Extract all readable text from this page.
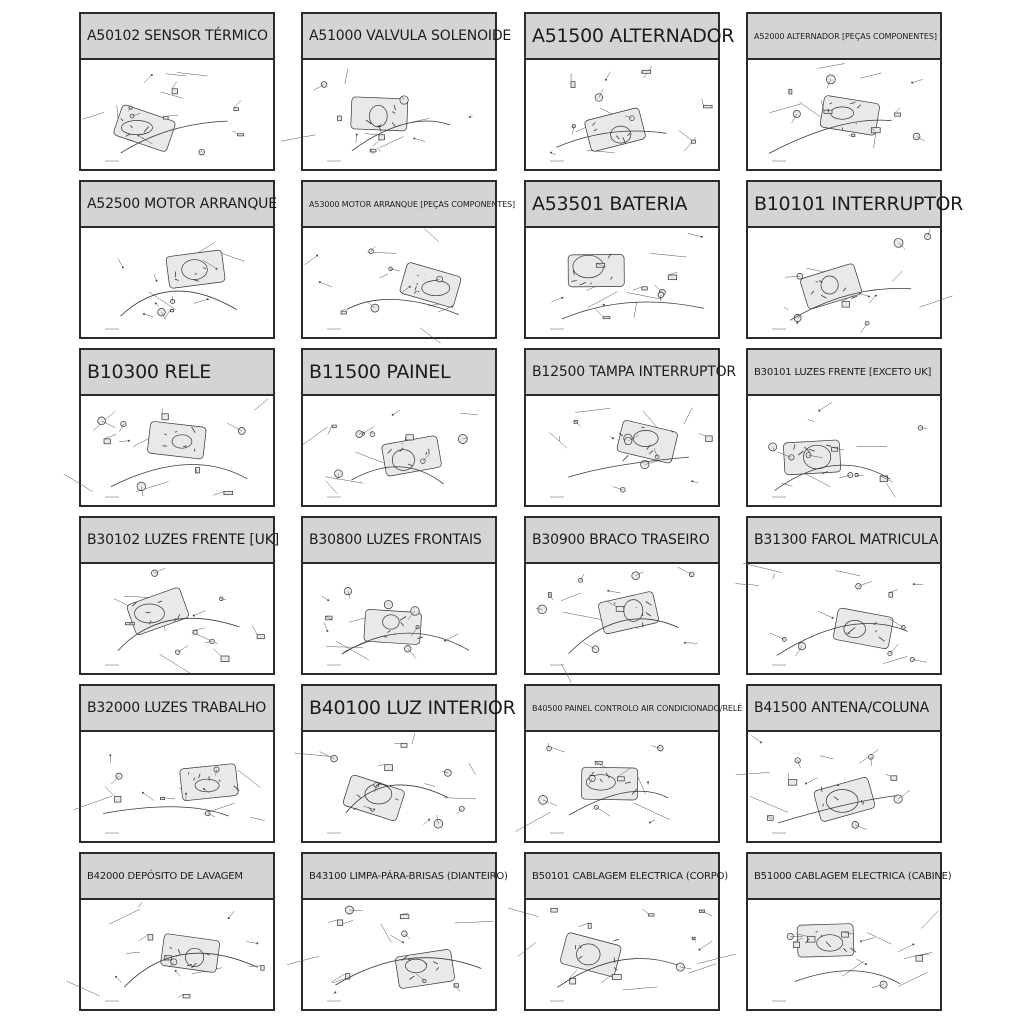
A50102 SENSOR TÉRMICO	A51000 VALVULA SOLENOIDE	A51500 ALTERNADOR	A52000 ALTERNADOR [PEÇAS COMPONENTES]
A52500 MOTOR ARRANQUE	A53000 MOTOR ARRANQUE [PEÇAS COMPONENTES] A53501 BATERIA	B10101 INTERRUPTOR
B10300 RELE	B11500 PAINEL	B12500 TAMPA INTERRUPTOR	B30101 LUZES FRENTE [EXCETO UK]
B30102 LUZES FRENTE [UK]	B30800 LUZES FRONTAIS	B30900 BRACO TRASEIRO	B31300 FAROL MATRICULA
B32000 LUZES TRABALHO	B40100 LUZ INTERIOR	B40500 PAINEL CONTROLO AIR CONDICIONADO/RELÉ B41500 ANTENA/COLUNA
B42000 DEPÓSITO DE LAVAGEM	B43100 LIMPA-PÁRA-BRISAS (DIANTEIRO)	B50101 CABLAGEM ELECTRICA (CORPO)	B51000 CABLAGEM ELECTRICA (CABINE)
